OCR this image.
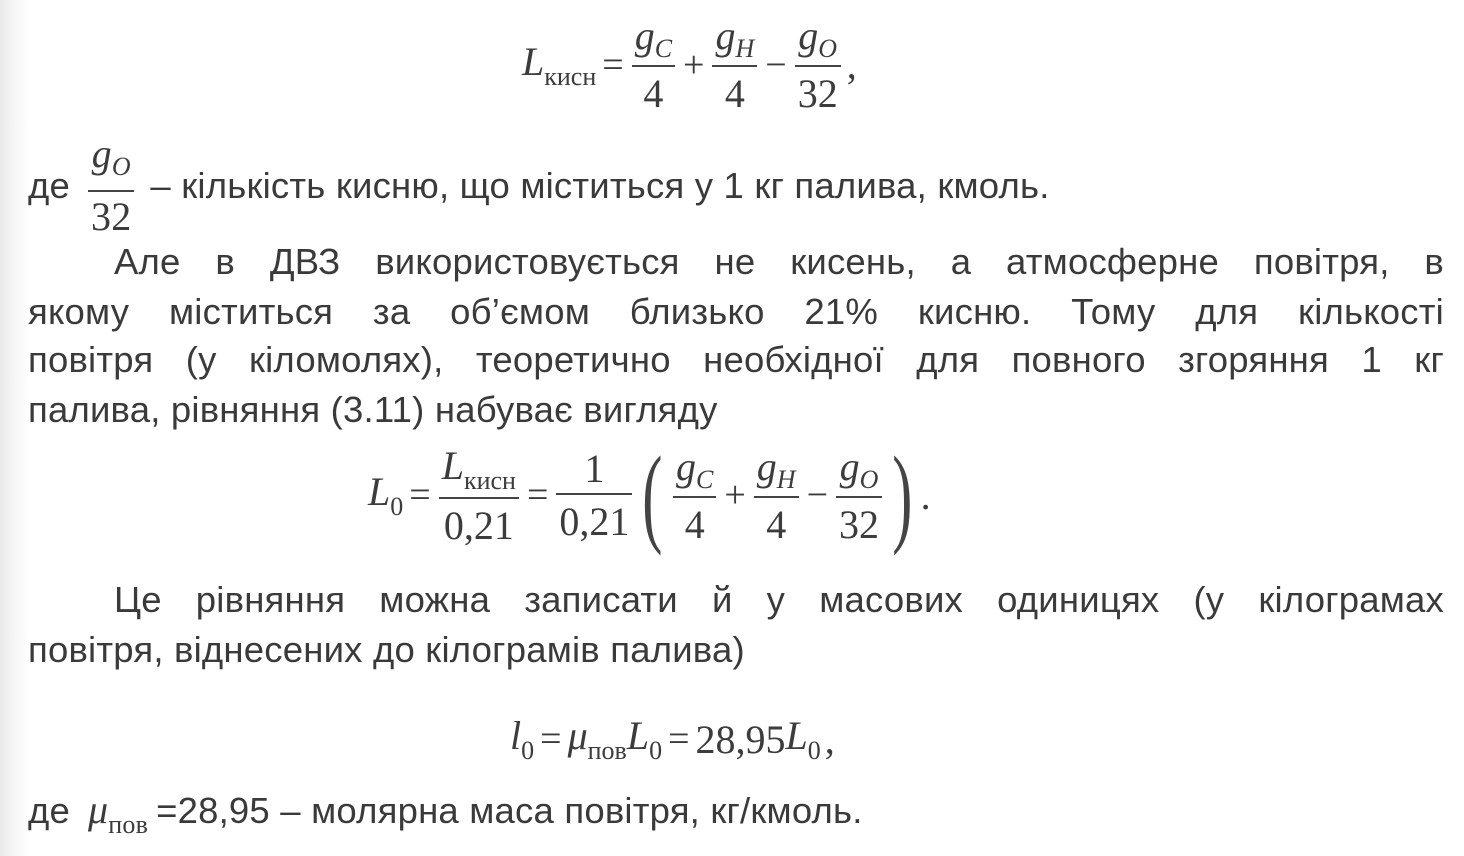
$L_{кисн} = \frac{g_C}{4} + \frac{g_H}{4} - \frac{g_O}{32}$ ,
де $\frac{g_O}{32}$ – кількість кисню, що міститься у 1 кг палива, кмоль.
Але в ДВЗ використовується не кисень, а атмосферне повітря, в
якому міститься за об’ємом близько 21% кисню. Тому для кількості
повітря (у кіломолях), теоретично необхідної для повного згоряння 1 кг
палива, рівняння (3.11) набуває вигляду
$L_0 = \frac{L_{кисн}}{0,21} = \frac{1}{0,21}$ ( $\frac{g_C}{4} + \frac{g_H}{4} - \frac{g_O}{32}$ ) .
Це рівняння можна записати й у масових одиницях (у кілограмах
повітря, віднесених до кілограмів палива)
$l_0 = \mu_{пов}$ $L_0 = 28,95$ $L_0$ ,
де $\mu_{пов} =28,95$ – молярна маса повітря, кг/кмоль.
